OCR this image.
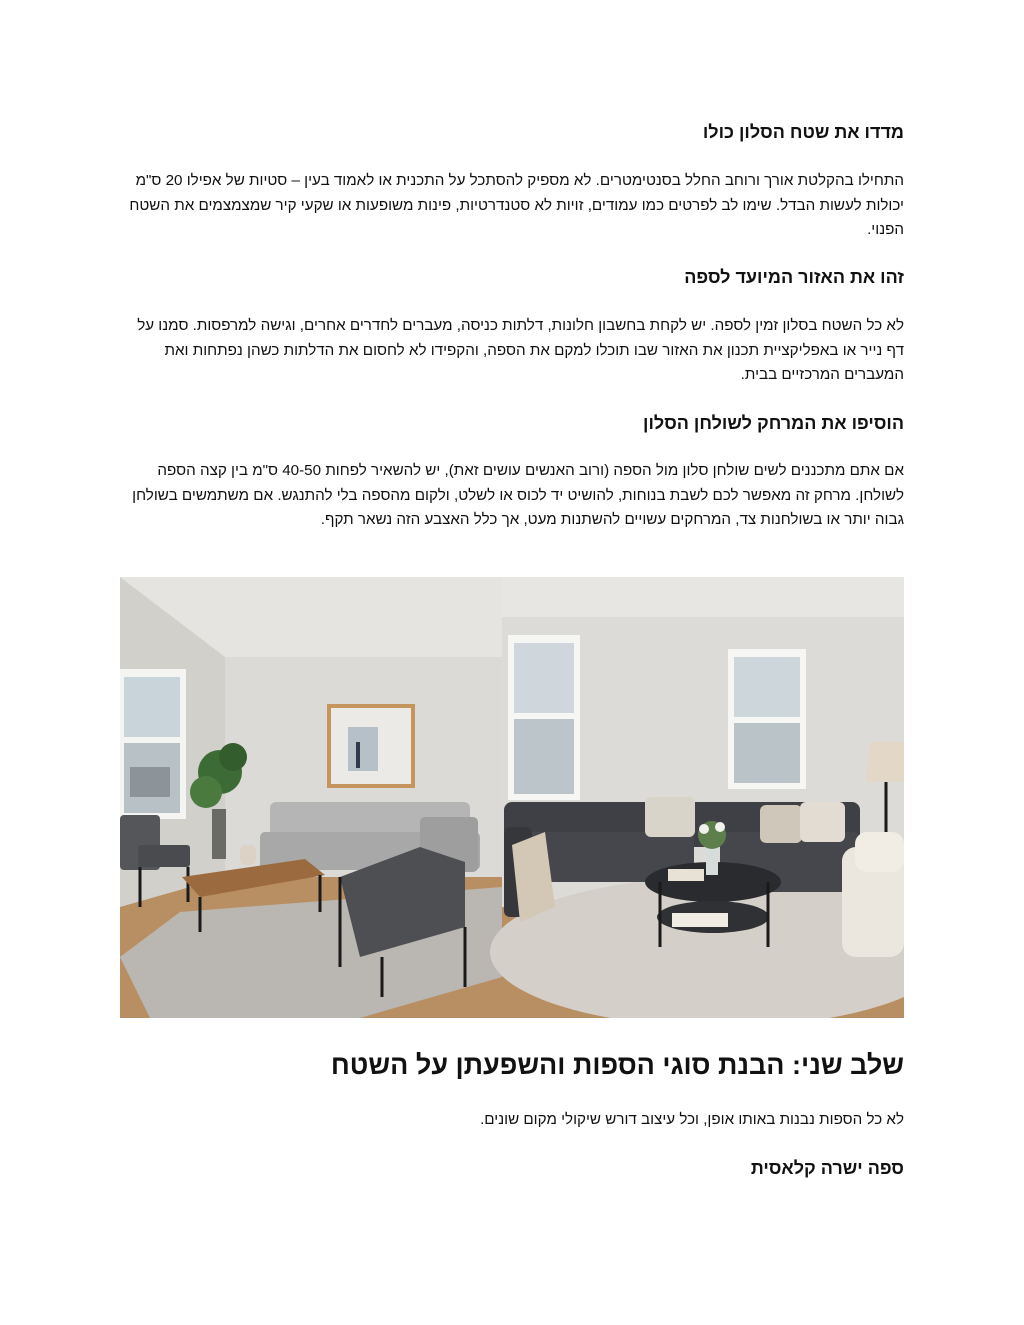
מדדו את שטח הסלון כולו

התחילו בהקלטת אורך ורוחב החלל בסנטימטרים. לא מספיק להסתכל על התכנית או לאמוד בעין – סטיות של אפילו 20 ס"מ יכולות לעשות הבדל. שימו לב לפרטים כמו עמודים, זויות לא סטנדרטיות, פינות משופעות או שקעי קיר שמצמצמים את השטח הפנוי.

זהו את האזור המיועד לספה

לא כל השטח בסלון זמין לספה. יש לקחת בחשבון חלונות, דלתות כניסה, מעברים לחדרים אחרים, וגישה למרפסות. סמנו על דף נייר או באפליקציית תכנון את האזור שבו תוכלו למקם את הספה, והקפידו לא לחסום את הדלתות כשהן נפתחות ואת המעברים המרכזיים בבית.

הוסיפו את המרחק לשולחן הסלון

אם אתם מתכננים לשים שולחן סלון מול הספה (ורוב האנשים עושים זאת), יש להשאיר לפחות 40-50 ס"מ בין קצה הספה לשולחן. מרחק זה מאפשר לכם לשבת בנוחות, להושיט יד לכוס או לשלט, ולקום מהספה בלי להתנגש. אם משתמשים בשולחן גבוה יותר או בשולחנות צד, המרחקים עשויים להשתנות מעט, אך כלל האצבע הזה נשאר תקף.

שלב שני: הבנת סוגי הספות והשפעתן על השטח

לא כל הספות נבנות באותו אופן, וכל עיצוב דורש שיקולי מקום שונים.

ספה ישרה קלאסית
